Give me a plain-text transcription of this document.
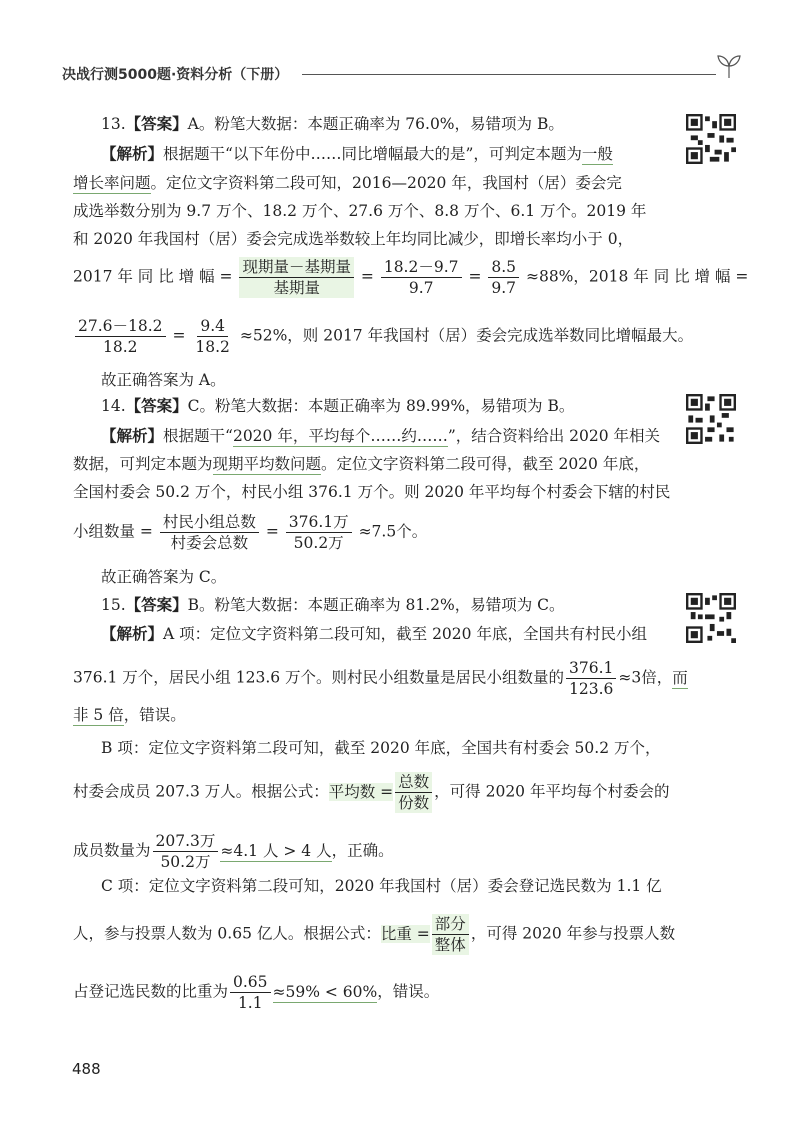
决战行测5000题·资料分析（下册）
13.【答案】A。粉笔大数据：本题正确率为 76.0%，易错项为 B。
【解析】根据题干“以下年份中……同比增幅最大的是”，可判定本题为一般
增长率问题。定位文字资料第二段可知，2016—2020 年，我国村（居）委会完
成选举数分别为 9.7 万个、18.2 万个、27.6 万个、8.8 万个、6.1 万个。2019 年
和 2020 年我国村（居）委会完成选举数较上年均同比减少，即增长率均小于 0，
2017 年 同 比 增 幅 = $\frac{\text{现期量－基期量}}{\text{基期量}} = \frac{18.2-9.7}{9.7} = \frac{8.5}{9.7} \approx 88\%$，2018 年 同 比 增 幅 =
$\frac{27.6-18.2}{18.2} = \frac{9.4}{18.2} \approx 52\%$，则 2017 年我国村（居）委会完成选举数同比增幅最大。
故正确答案为 A。
14.【答案】C。粉笔大数据：本题正确率为 89.99%，易错项为 B。
【解析】根据题干“2020 年，平均每个……约……”，结合资料给出 2020 年相关
数据，可判定本题为现期平均数问题。定位文字资料第二段可得，截至 2020 年底，
全国村委会 50.2 万个，村民小组 376.1 万个。则 2020 年平均每个村委会下辖的村民
小组数量 = $\frac{\text{村民小组总数}}{\text{村委会总数}} = \frac{\text{376.1万}}{\text{50.2万}} \approx 7.5$个。
故正确答案为 C。
15.【答案】B。粉笔大数据：本题正确率为 81.2%，易错项为 C。
【解析】A 项：定位文字资料第二段可知，截至 2020 年底，全国共有村民小组
376.1 万个，居民小组 123.6 万个。则村民小组数量是居民小组数量的 $\frac{376.1}{123.6} \approx 3$倍，而
非 5 倍，错误。
B 项：定位文字资料第二段可知，截至 2020 年底，全国共有村委会 50.2 万个，
村委会成员 207.3 万人。根据公式：平均数 = $\frac{\text{总数}}{\text{份数}}$ ，可得 2020 年平均每个村委会的
成员数量为 $\frac{\text{207.3万}}{\text{50.2万}} \approx 4.1$ 人 > 4 人，正确。
C 项：定位文字资料第二段可知，2020 年我国村（居）委会登记选民数为 1.1 亿
人，参与投票人数为 0.65 亿人。根据公式：比重 = $\frac{\text{部分}}{\text{整体}}$ ，可得 2020 年参与投票人数
占登记选民数的比重为 $\frac{0.65}{1.1} \approx 59\% < 60\%$，错误。
488
